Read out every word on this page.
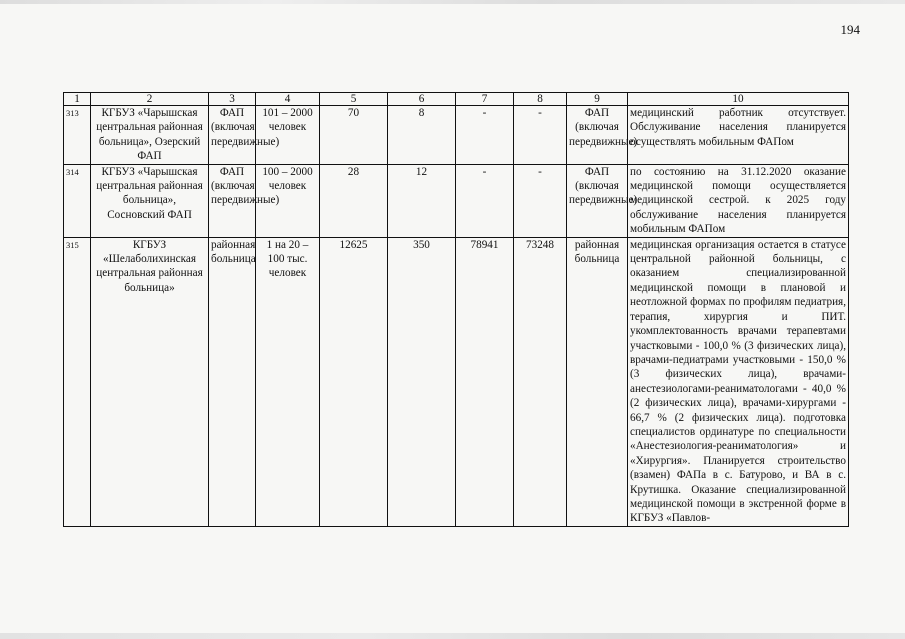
194
1	2	3	4	5	6	7	8	9	10
313	КГБУЗ «Чарышская центральная районная больница», Озерский ФАП	ФАП (включая передвижные)	101 – 2000 человек	70	8	-	-	ФАП (включая передвижные)	медицинский работник отсутствует. Обслуживание населения планируется осуществлять мобильным ФАПом
314	КГБУЗ «Чарышская центральная районная больница», Сосновский ФАП	ФАП (включая передвижные)	100 – 2000 человек	28	12	-	-	ФАП (включая передвижные)	по состоянию на 31.12.2020 оказание медицинской помощи осуществляется медицинской сестрой. к 2025 году обслуживание населения планируется мобильным ФАПом
315	КГБУЗ «Шелаболихинская центральная районная больница»	районная больница	1 на 20 – 100 тыс. человек	12625	350	78941	73248	районная больница	медицинская организация остается в статусе центральной районной больницы, с оказанием специализированной медицинской помощи в плановой и неотложной формах по профилям педиатрия, терапия, хирургия и ПИТ. укомплектованность врачами терапевтами участковыми - 100,0 % (3 физических лица), врачами-педиатрами участковыми - 150,0 % (3 физических лица), врачами-анестезиологами-реаниматологами - 40,0 % (2 физических лица), врачами-хирургами - 66,7 % (2 физических лица). подготовка специалистов ординатуре по специальности «Анестезиология-реаниматология» и «Хирургия». Планируется строительство (взамен) ФАПа в с. Батурово, и ВА в с. Крутишка. Оказание специализированной медицинской помощи в экстренной форме в КГБУЗ «Павлов-
